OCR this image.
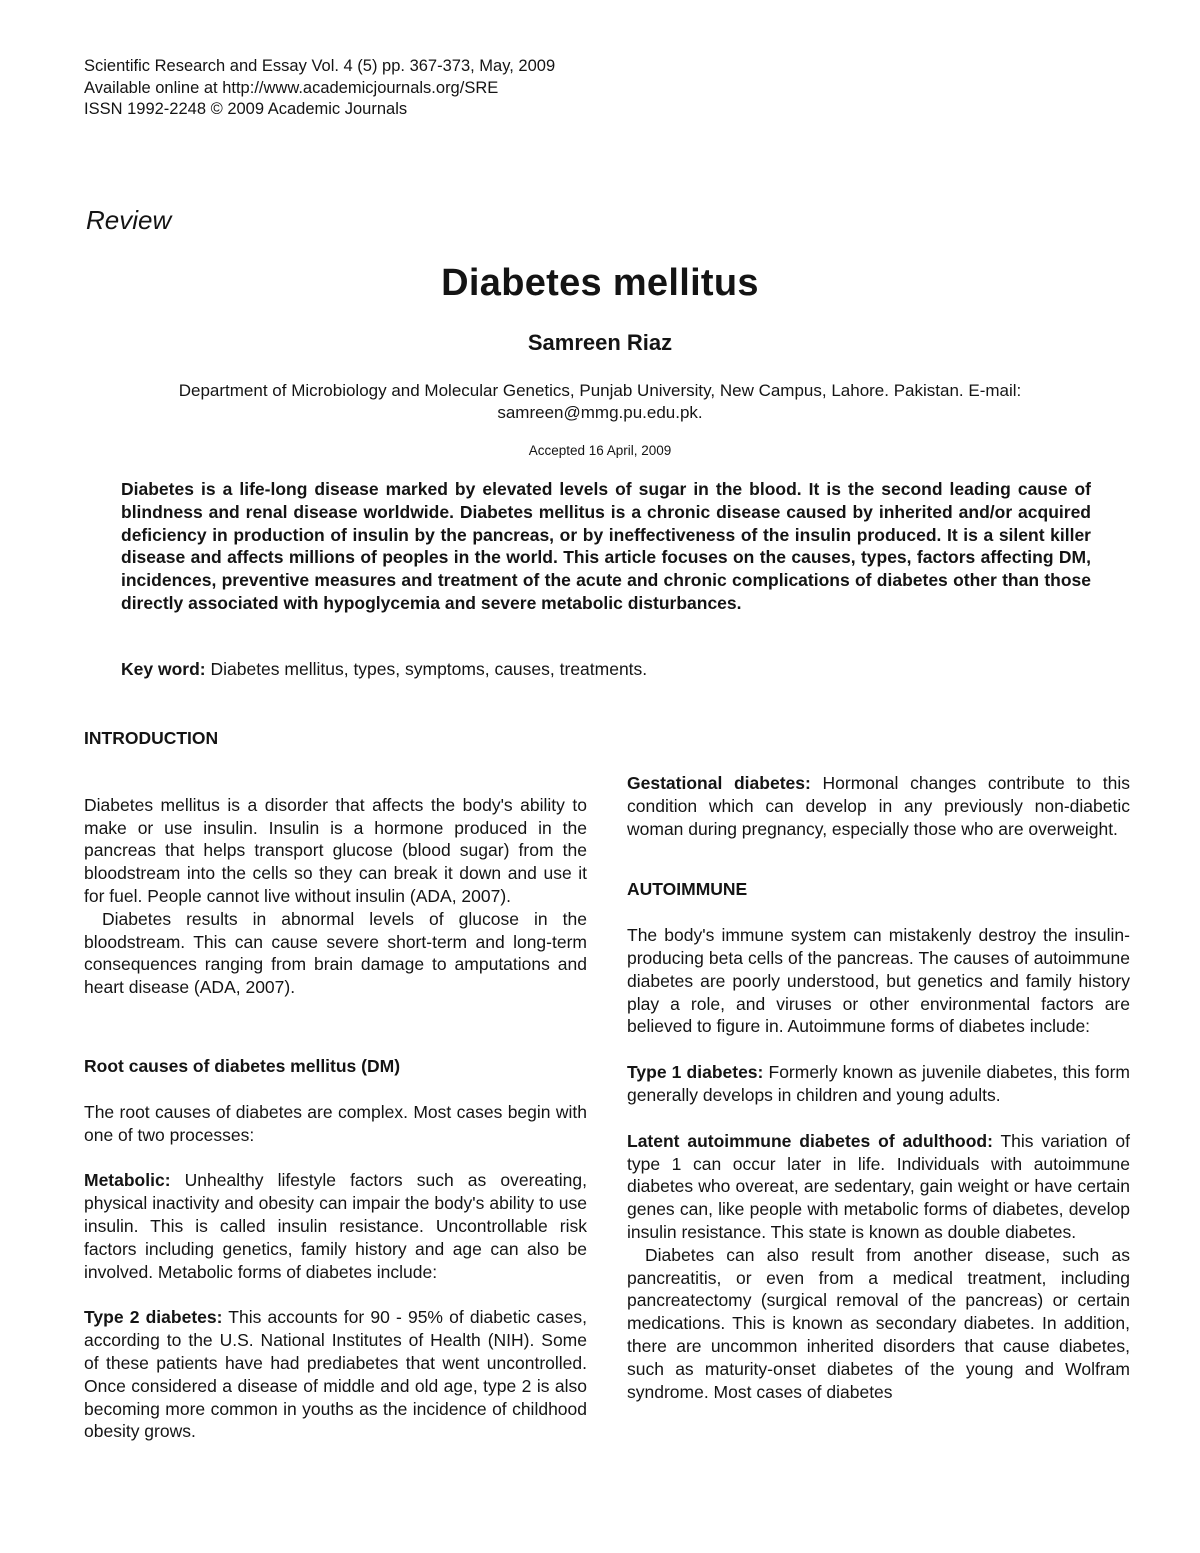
Scientific Research and Essay Vol. 4 (5) pp. 367-373, May, 2009
Available online at http://www.academicjournals.org/SRE
ISSN 1992-2248 © 2009 Academic Journals
Review
Diabetes mellitus
Samreen Riaz
Department of Microbiology and Molecular Genetics, Punjab University, New Campus, Lahore. Pakistan. E-mail: samreen@mmg.pu.edu.pk.
Accepted 16 April, 2009
Diabetes is a life-long disease marked by elevated levels of sugar in the blood. It is the second leading cause of blindness and renal disease worldwide. Diabetes mellitus is a chronic disease caused by inherited and/or acquired deficiency in production of insulin by the pancreas, or by ineffectiveness of the insulin produced. It is a silent killer disease and affects millions of peoples in the world. This article focuses on the causes, types, factors affecting DM, incidences, preventive measures and treatment of the acute and chronic complications of diabetes other than those directly associated with hypoglycemia and severe metabolic disturbances.
Key word: Diabetes mellitus, types, symptoms, causes, treatments.
INTRODUCTION

Diabetes mellitus is a disorder that affects the body's ability to make or use insulin. Insulin is a hormone produced in the pancreas that helps transport glucose (blood sugar) from the bloodstream into the cells so they can break it down and use it for fuel. People cannot live without insulin (ADA, 2007).

Diabetes results in abnormal levels of glucose in the bloodstream. This can cause severe short-term and long-term consequences ranging from brain damage to amputations and heart disease (ADA, 2007).

Root causes of diabetes mellitus (DM)

The root causes of diabetes are complex. Most cases begin with one of two processes:

Metabolic: Unhealthy lifestyle factors such as overeating, physical inactivity and obesity can impair the body's ability to use insulin. This is called insulin resistance. Uncontrollable risk factors including genetics, family history and age can also be involved. Metabolic forms of diabetes include:

Type 2 diabetes: This accounts for 90 - 95% of diabetic cases, according to the U.S. National Institutes of Health (NIH). Some of these patients have had prediabetes that went uncontrolled. Once considered a disease of middle and old age, type 2 is also becoming more common in youths as the incidence of childhood obesity grows.

Gestational diabetes: Hormonal changes contribute to this condition which can develop in any previously non-diabetic woman during pregnancy, especially those who are overweight.

AUTOIMMUNE

The body's immune system can mistakenly destroy the insulin-producing beta cells of the pancreas. The causes of autoimmune diabetes are poorly understood, but genetics and family history play a role, and viruses or other environmental factors are believed to figure in. Autoimmune forms of diabetes include:

Type 1 diabetes: Formerly known as juvenile diabetes, this form generally develops in children and young adults.

Latent autoimmune diabetes of adulthood: This variation of type 1 can occur later in life. Individuals with autoimmune diabetes who overeat, are sedentary, gain weight or have certain genes can, like people with metabolic forms of diabetes, develop insulin resistance. This state is known as double diabetes.

Diabetes can also result from another disease, such as pancreatitis, or even from a medical treatment, including pancreatectomy (surgical removal of the pancreas) or certain medications. This is known as secondary diabetes. In addition, there are uncommon inherited disorders that cause diabetes, such as maturity-onset diabetes of the young and Wolfram syndrome. Most cases of diabetes
